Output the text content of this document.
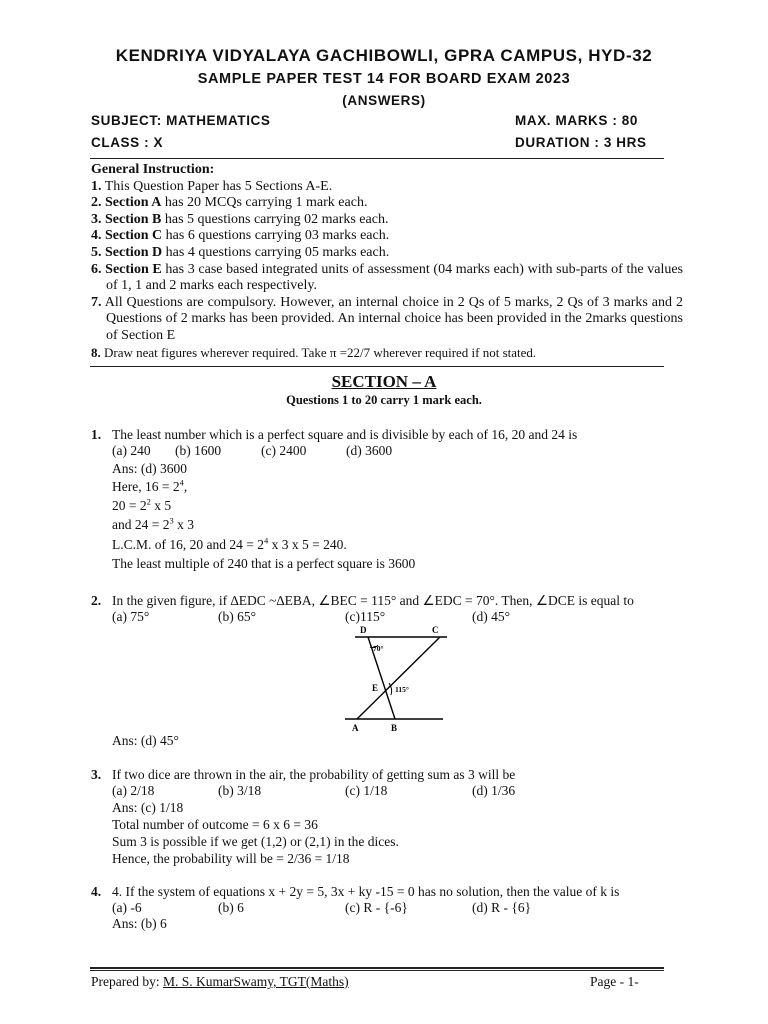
KENDRIYA VIDYALAYA GACHIBOWLI, GPRA CAMPUS, HYD-32
SAMPLE PAPER TEST 14 FOR BOARD EXAM 2023
(ANSWERS)
SUBJECT: MATHEMATICS	MAX. MARKS : 80
CLASS : X	DURATION : 3 HRS
General Instruction:
1. This Question Paper has 5 Sections A-E.
2. Section A has 20 MCQs carrying 1 mark each.
3. Section B has 5 questions carrying 02 marks each.
4. Section C has 6 questions carrying 03 marks each.
5. Section D has 4 questions carrying 05 marks each.
6. Section E has 3 case based integrated units of assessment (04 marks each) with sub-parts of the values of 1, 1 and 2 marks each respectively.
7. All Questions are compulsory. However, an internal choice in 2 Qs of 5 marks, 2 Qs of 3 marks and 2 Questions of 2 marks has been provided. An internal choice has been provided in the 2marks questions of Section E
8. Draw neat figures wherever required. Take π =22/7 wherever required if not stated.
SECTION – A
Questions 1 to 20 carry 1 mark each.
1. The least number which is a perfect square and is divisible by each of 16, 20 and 24 is
(a) 240 (b) 1600	(c) 2400	(d) 3600
Ans: (d) 3600
Here, $16 = 2^4$,
$20 = 2^2$ x 5
and $24 = 2^3$ x 3
L.C.M. of 16, 20 and $24 = 2^4$ x 3 x 5 = 240.
The least multiple of 240 that is a perfect square is 3600
2. In the given figure, if ∆EDC ~∆EBA, ∠BEC = 115° and ∠EDC = 70°. Then, ∠DCE is equal to
(a) 75°	(b) 65°	(c)115°	(d) 45°
D	C
70°
E 115°
A	B
Ans: (d) 45°
3. If two dice are thrown in the air, the probability of getting sum as 3 will be
(a) 2/18	(b) 3/18	(c) 1/18	(d) 1/36
Ans: (c) 1/18
Total number of outcome = 6 x 6 = 36
Sum 3 is possible if we get (1,2) or (2,1) in the dices.
Hence, the probability will be = 2/36 = 1/18
4. 4. If the system of equations x + 2y = 5, 3x + ky -15 = 0 has no solution, then the value of k is
(a) -6	(b) 6	(c) R - {-6}	(d) R - {6}
Ans: (b) 6
Prepared by: M. S. KumarSwamy, TGT(Maths)	Page - 1-
